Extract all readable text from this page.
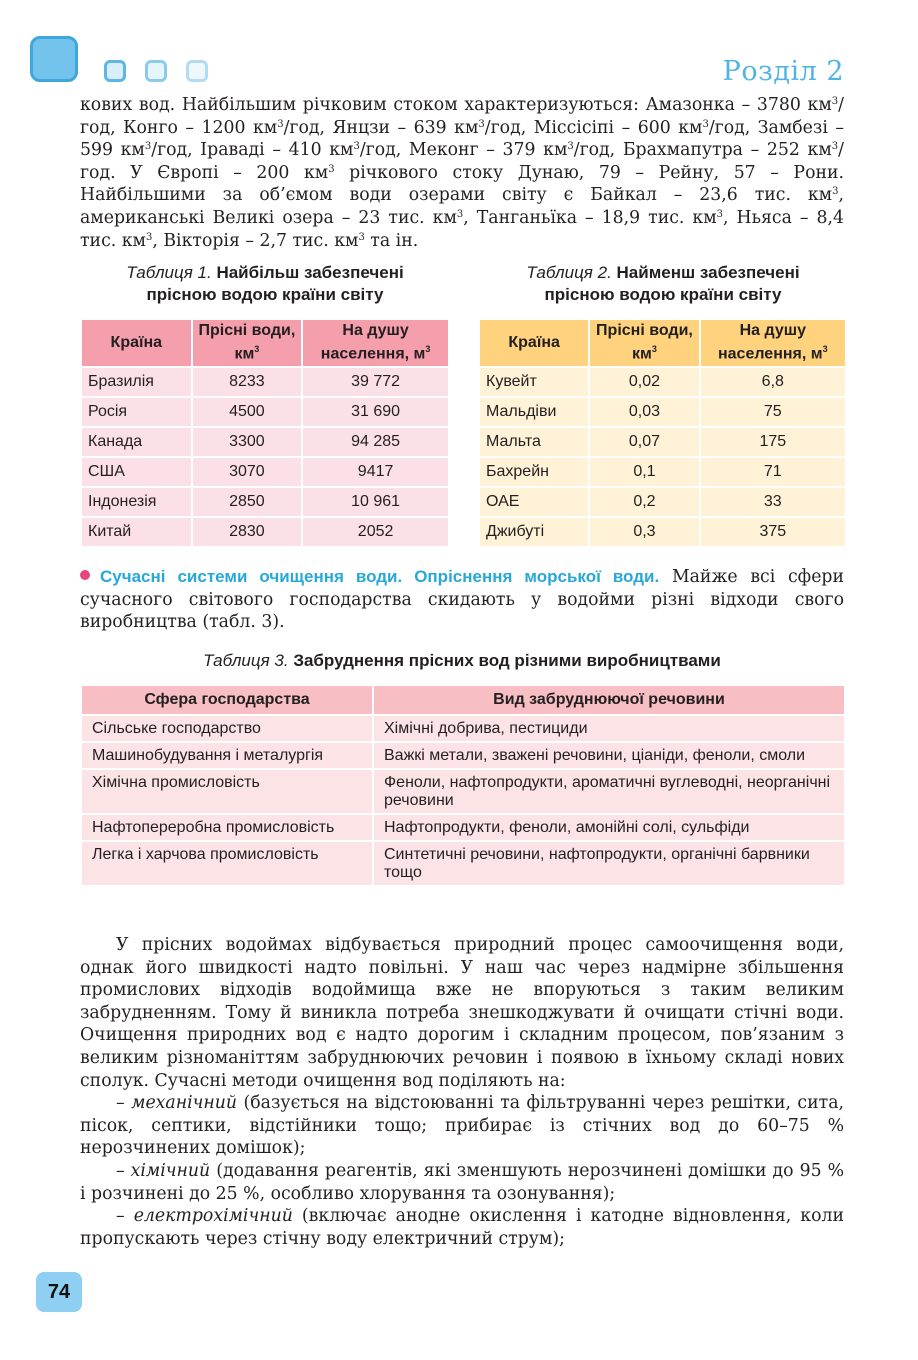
Розділ 2

кових вод. Найбільшим річковим стоком характеризуються: Амазонка – 3780 $км^3$/год, Конго – 1200 $км^3$/год, Янцзи – 639 $км^3$/год, Міссісіпі – 600 $км^3$/год, Замбезі – 599 $км^3$/год, Іраваді – 410 $км^3$/год, Меконг – 379 $км^3$/год, Брахмапутра – 252 $км^3$/год. У Європі – 200 $км^3$ річкового стоку Дунаю, 79 – Рейну, 57 – Рони. Найбільшими за об’ємом води озерами світу є Байкал – 23,6 тис. $км^3$, американські Великі озера – 23 тис. $км^3$, Танганьїка – 18,9 тис. $км^3$, Ньяса – 8,4 тис. $км^3$, Вікторія – 2,7 тис. $км^3$ та ін.

Таблиця 1. Найбільш забезпечені
прісною водою країни світу
Таблиця 2. Найменш забезпечені
прісною водою країни світу
Країна	Прісні води, $км^3$	На душу населення, $м^3$
Бразилія	8233	39 772
Росія	4500	31 690
Канада	3300	94 285
США	3070	9417
Індонезія	2850	10 961
Китай	2830	2052
Країна	Прісні води, $км^3$	На душу населення, $м^3$
Кувейт	0,02	6,8
Мальдіви	0,03	75
Мальта	0,07	175
Бахрейн	0,1	71
ОАЕ	0,2	33
Джибуті	0,3	375

Сучасні системи очищення води. Опріснення морської води. Майже всі сфери сучасного світового господарства скидають у водойми різні відходи свого виробництва (табл. 3).

Таблиця 3. Забруднення прісних вод різними виробництвами
Сфера господарства	Вид забруднюючої речовини
Сільське господарство	Хімічні добрива, пестициди
Машинобудування і металургія	Важкі метали, зважені речовини, ціаніди, феноли, смоли
Хімічна промисловість	Феноли, нафтопродукти, ароматичні вуглеводні, неорганічні речовини
Нафтопереробна промисловість	Нафтопродукти, феноли, амонійні солі, сульфіди
Легка і харчова промисловість	Синтетичні речовини, нафтопродукти, органічні барвники тощо
У прісних водоймах відбувається природний процес самоочищення води, однак його швидкості надто повільні. У наш час через надмірне збільшення промислових відходів водоймища вже не впоруються з таким великим забрудненням. Тому й виникла потреба знешкоджувати й очищати стічні води. Очищення природних вод є надто дорогим і складним процесом, пов’язаним з великим різноманіттям забруднюючих речовин і появою в їхньому складі нових сполук. Сучасні методи очищення вод поділяють на:
– механічний (базується на відстоюванні та фільтруванні через решітки, сита, пісок, септики, відстійники тощо; прибирає із стічних вод до 60–75 % нерозчинених домішок);
– хімічний (додавання реагентів, які зменшують нерозчинені домішки до 95 % і розчинені до 25 %, особливо хлорування та озонування);
– електрохімічний (включає анодне окислення і катодне відновлення, коли пропускають через стічну воду електричний струм);
74
